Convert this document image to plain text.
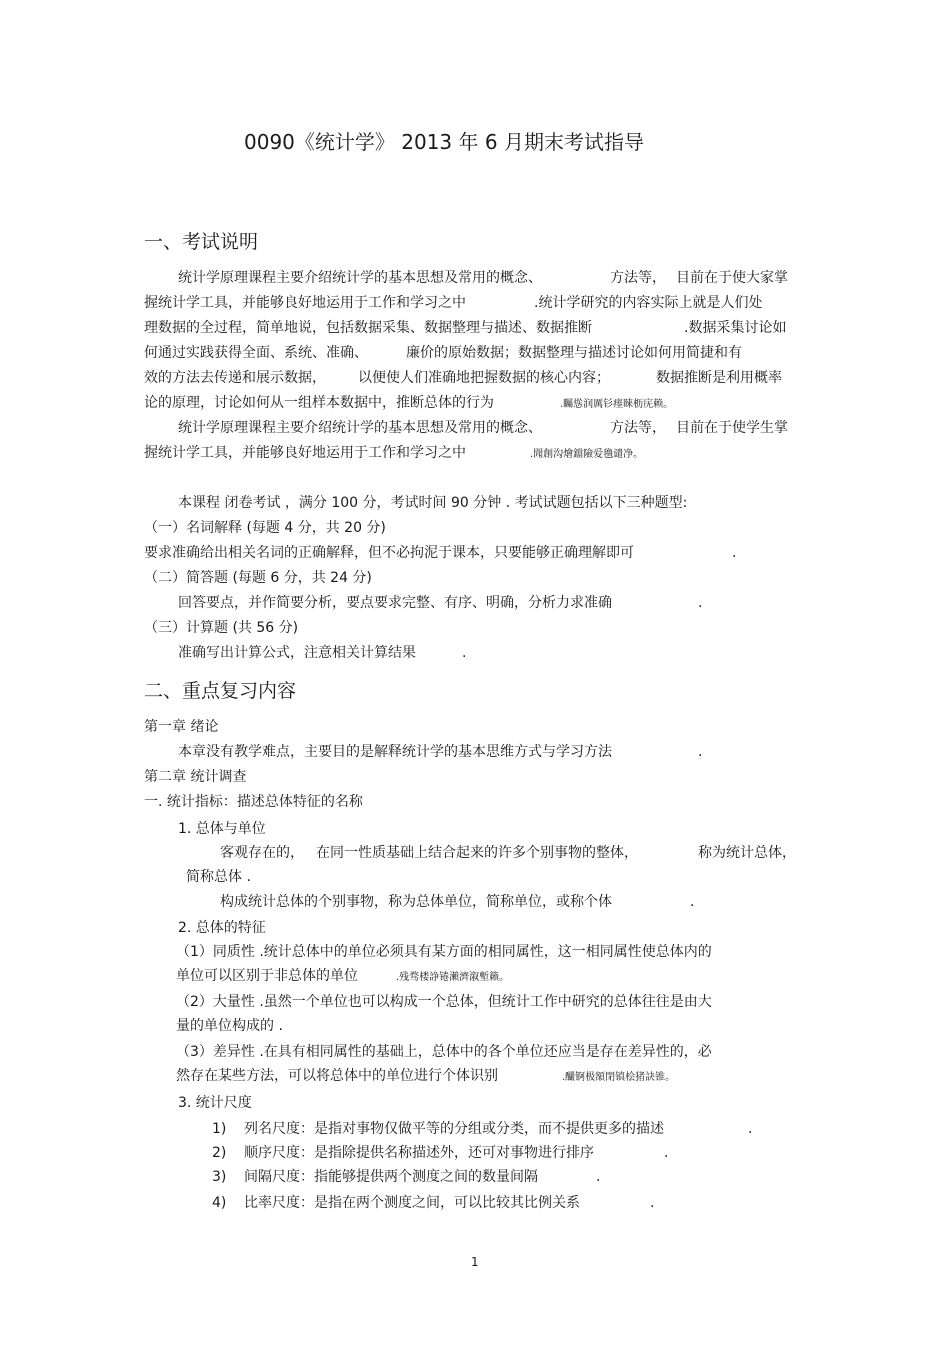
0090《统计学》 2013 年 6 月期末考试指导
一、考试说明
统计学原理课程主要介绍统计学的基本思想及常用的概念、	方法等， 目前在于使大家掌
握统计学工具，并能够良好地运用于工作和学习之中	.统计学研究的内容实际上就是人们处
理数据的全过程，简单地说，包括数据采集、数据整理与描述、数据推断	.数据采集讨论如
何通过实践获得全面、系统、准确、	廉价的原始数据；数据整理与描述讨论如何用简捷和有
效的方法去传递和展示数据， 以便使人们准确地把握数据的核心内容；	数据推断是利用概率
论的原理，讨论如何从一组样本数据中，推断总体的行为	.矚慫润厲钐瘗睞枥庑赖。
统计学原理课程主要介绍统计学的基本思想及常用的概念、	方法等， 目前在于使学生掌
握统计学工具，并能够良好地运用于工作和学习之中	.聞創沟燴鐺險爱氇谴净。
本课程 闭卷考试 ，满分 100 分，考试时间 90 分钟 . 考试试题包括以下三种题型:
（一）名词解释 (每题 4 分，共 20 分)
要求准确给出相关名词的正确解释，但不必拘泥于课本，只要能够正确理解即可	.
（二）简答题 (每题 6 分，共 24 分)
回答要点，并作简要分析，要点要求完整、有序、明确，分析力求准确	.
（三）计算题 (共 56 分)
准确写出计算公式，注意相关计算结果	.
二、重点复习内容
第一章 绪论
本章没有教学难点，主要目的是解释统计学的基本思维方式与学习方法	.
第二章 统计调查
一. 统计指标：描述总体特征的名称
1. 总体与单位
客观存在的， 在同一性质基础上结合起来的许多个别事物的整体，	称为统计总体，
简称总体 .
构成统计总体的个别事物，称为总体单位，简称单位，或称个体	.
2. 总体的特征
（1）同质性 .统计总体中的单位必须具有某方面的相同属性，这一相同属性使总体内的
单位可以区别于非总体的单位	.残骛楼諍锩瀨濟溆塹籟。
（2）大量性 .虽然一个单位也可以构成一个总体，但统计工作中研究的总体往往是由大
量的单位构成的 .
（3）差异性 .在具有相同属性的基础上，总体中的各个单位还应当是存在差异性的，必
然存在某些方法，可以将总体中的单位进行个体识别	.釅锕极額閉镇桧猪訣锥。
3. 统计尺度
1) 列名尺度：是指对事物仅做平等的分组或分类，而不提供更多的描述	.
2) 顺序尺度：是指除提供名称描述外，还可对事物进行排序	.
3) 间隔尺度：指能够提供两个测度之间的数量间隔	.
4) 比率尺度：是指在两个测度之间，可以比较其比例关系	.
1
